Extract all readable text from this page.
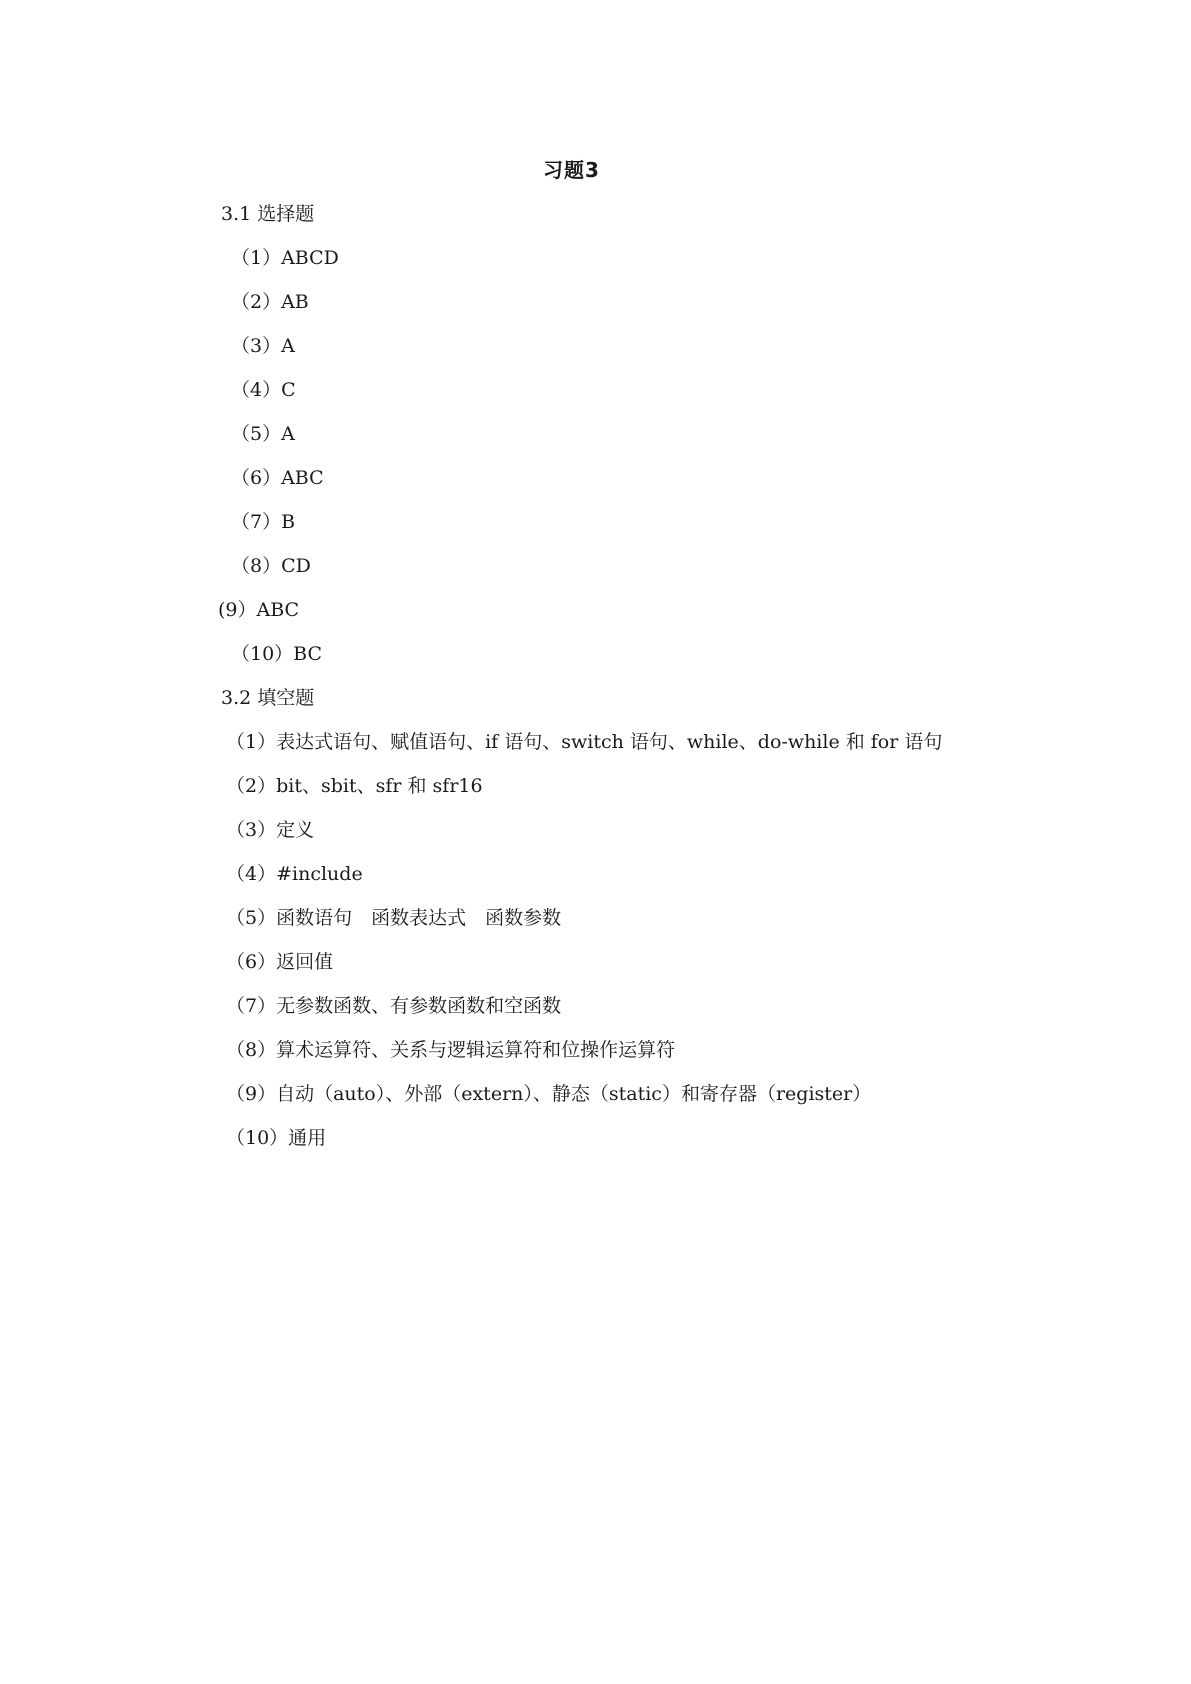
习题3
3.1 选择题
（1）ABCD
（2）AB
（3）A
（4）C
（5）A
（6）ABC
（7）B
（8）CD
(9）ABC
（10）BC
3.2 填空题
（1）表达式语句、赋值语句、if 语句、switch 语句、while、do-while 和 for 语句
（2）bit、sbit、sfr 和 sfr16
（3）定义
（4）#include
（5）函数语句　函数表达式　函数参数
（6）返回值
（7）无参数函数、有参数函数和空函数
（8）算术运算符、关系与逻辑运算符和位操作运算符
（9）自动（auto）、外部（extern）、静态（static）和寄存器（register）
（10）通用
